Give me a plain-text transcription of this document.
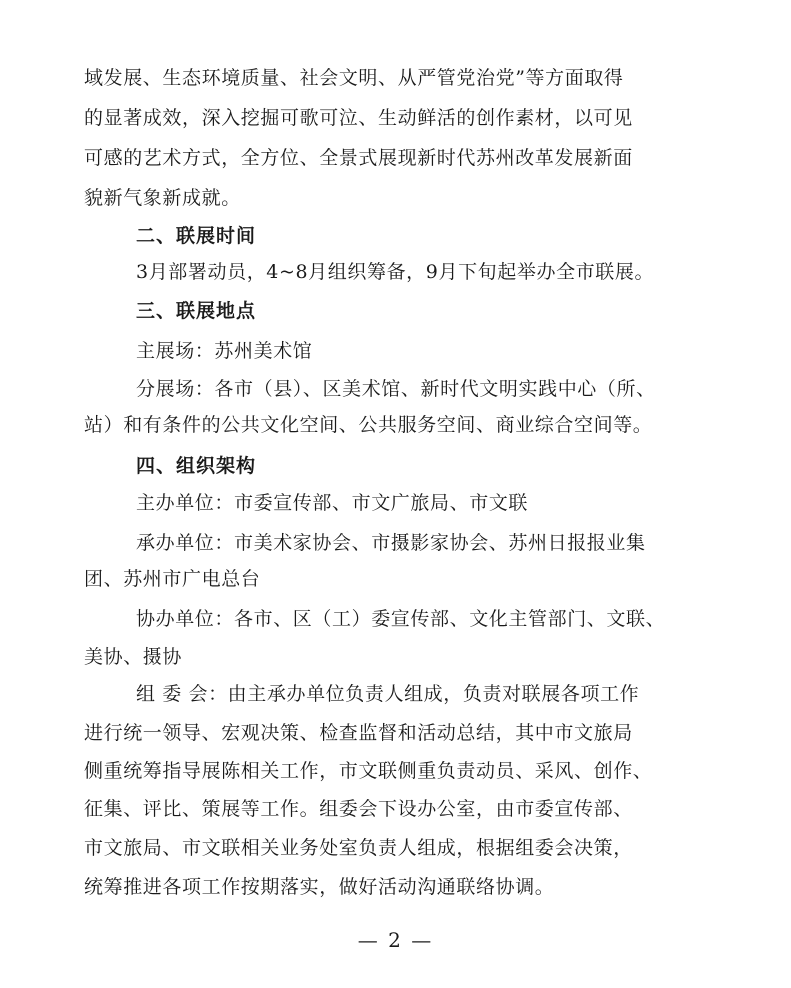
域发展、生态环境质量、社会文明、从严管党治党”等方面取得
的显著成效，深入挖掘可歌可泣、生动鲜活的创作素材，以可见
可感的艺术方式，全方位、全景式展现新时代苏州改革发展新面
貌新气象新成就。
二、联展时间
3月部署动员，4~8月组织筹备，9月下旬起举办全市联展。
三、联展地点
主展场：苏州美术馆
分展场：各市（县）、区美术馆、新时代文明实践中心（所、
站）和有条件的公共文化空间、公共服务空间、商业综合空间等。
四、组织架构
主办单位：市委宣传部、市文广旅局、市文联
承办单位：市美术家协会、市摄影家协会、苏州日报报业集
团、苏州市广电总台
协办单位：各市、区（工）委宣传部、文化主管部门、文联、
美协、摄协
组 委 会：由主承办单位负责人组成，负责对联展各项工作
进行统一领导、宏观决策、检查监督和活动总结，其中市文旅局
侧重统筹指导展陈相关工作，市文联侧重负责动员、采风、创作、
征集、评比、策展等工作。组委会下设办公室，由市委宣传部、
市文旅局、市文联相关业务处室负责人组成，根据组委会决策，
统筹推进各项工作按期落实，做好活动沟通联络协调。
— 2 —
